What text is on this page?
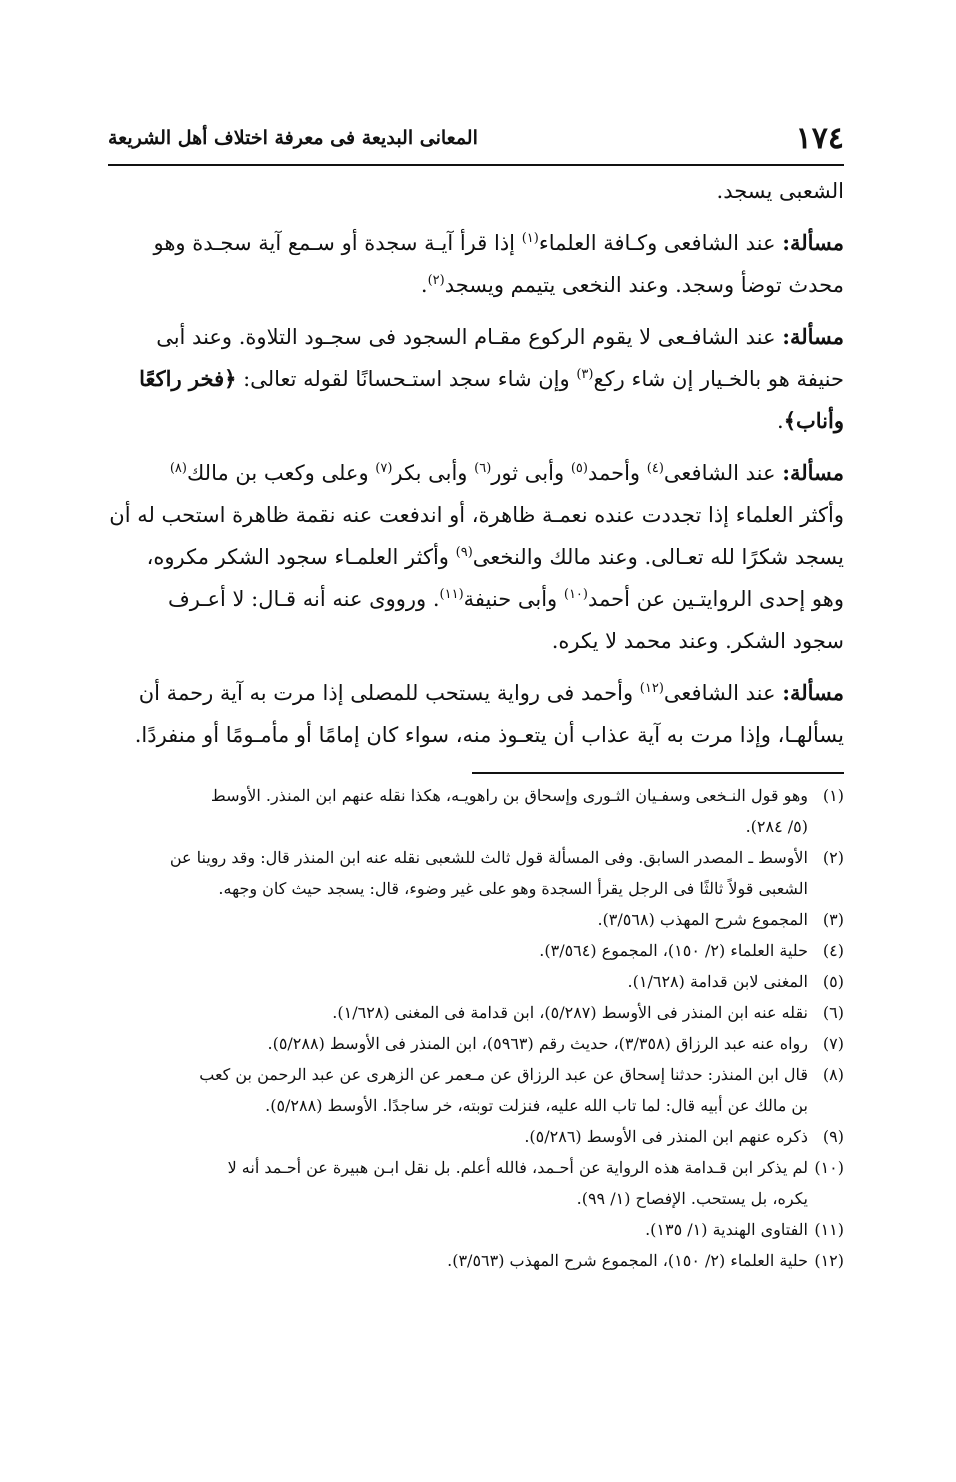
١٧٤
المعانى البديعة فى معرفة اختلاف أهل الشريعة
الشعبى يسجد.
مسألة: عند الشافعى وكـافة العلماء$^{(١)}$ إذا قرأ آيـة سجدة أو سـمع آية سجـدة وهو
محدث توضأ وسجد. وعند النخعى يتيمم ويسجد$^{(٢)}$.
مسألة: عند الشافـعى لا يقوم الركوع مقـام السجود فى سجـود التلاوة. وعند أبى
حنيفة هو بالخـيار إن شاء ركع$^{(٣)}$ وإن شاء سجد استـحسانًا لقوله تعالى: ﴿فخر راكعًا
وأناب﴾.
مسألة: عند الشافعى$^{(٤)}$ وأحمد$^{(٥)}$ وأبى ثور$^{(٦)}$ وأبى بكر$^{(٧)}$ وعلى وكعب بن مالك$^{(٨)}$
وأكثر العلماء إذا تجددت عنده نعمـة ظاهرة، أو اندفعت عنه نقمة ظاهرة استحب له أن
يسجد شكرًا لله تعـالى. وعند مالك والنخعى$^{(٩)}$ وأكثر العلمـاء سجود الشكر مكروه،
وهو إحدى الروايتـين عن أحمد$^{(١٠)}$ وأبى حنيفة$^{(١١)}$. ورووى عنه أنه قـال: لا أعـرف
سجود الشكر. وعند محمد لا يكره.
مسألة: عند الشافعى$^{(١٢)}$ وأحمد فى رواية يستحب للمصلى إذا مرت به آية رحمة أن
يسألهـا، وإذا مرت به آية عذاب أن يتعـوذ منه، سواء كان إمامًا أو مأمـومًا أو منفردًا.
(١)وهو قول النـخعى وسفـيان الثـورى وإسحاق بن راهويـه، هكذا نقله عنهم ابن المنذر. الأوسط
(٥/ ٢٨٤).
(٢)الأوسط ـ المصدر السابق. وفى المسألة قول ثالث للشعبى نقله عنه ابن المنذر قال: وقد روينا عن
الشعبى قولاً ثالثًا فى الرجل يقرأ السجدة وهو على غير وضوء، قال: يسجد حيث كان وجهه.
(٣)المجموع شرح المهذب (٣/٥٦٨).
(٤)حلية العلماء (٢/ ١٥٠)، المجموع (٣/٥٦٤).
(٥)المغنى لابن قدامة (١/٦٢٨).
(٦)نقله عنه ابن المنذر فى الأوسط (٥/٢٨٧)، ابن قدامة فى المغنى (١/٦٢٨).
(٧)رواه عنه عبد الرزاق (٣/٣٥٨)، حديث رقم (٥٩٦٣)، ابن المنذر فى الأوسط (٥/٢٨٨).
(٨)قال ابن المنذر: حدثنا إسحاق عن عبد الرزاق عن مـعمر عن الزهرى عن عبد الرحمن بن كعب
بن مالك عن أبيه قال: لما تاب الله عليه، فنزلت توبته، خر ساجدًا. الأوسط (٥/٢٨٨).
(٩)ذكره عنهم ابن المنذر فى الأوسط (٥/٢٨٦).
(١٠)لم يذكر ابن قـدامة هذه الرواية عن أحـمد، فالله أعلم. بل نقل ابـن هبيرة عن أحـمد أنه لا
يكره، بل يستحب. الإفصاح (١/ ٩٩).
(١١)الفتاوى الهندية (١/ ١٣٥).
(١٢)حلية العلماء (٢/ ١٥٠)، المجموع شرح المهذب (٣/٥٦٣).
